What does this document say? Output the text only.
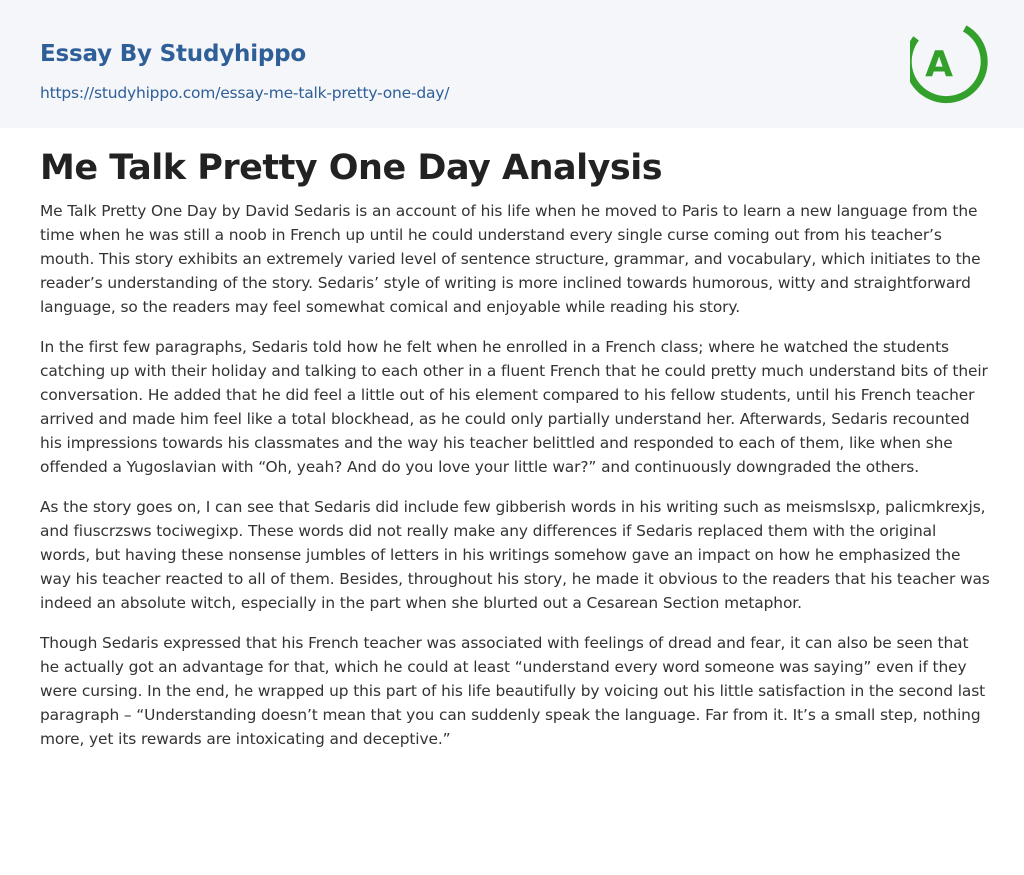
Essay By Studyhippo
https://studyhippo.com/essay-me-talk-pretty-one-day/
A
Me Talk Pretty One Day Analysis

Me Talk Pretty One Day by David Sedaris is an account of his life when he moved to Paris to learn a new language from the time when he was still a noob in French up until he could understand every single curse coming out from his teacher’s mouth. This story exhibits an extremely varied level of sentence structure, grammar, and vocabulary, which initiates to the reader’s understanding of the story. Sedaris’ style of writing is more inclined towards humorous, witty and straightforward language, so the readers may feel somewhat comical and enjoyable while reading his story.

In the first few paragraphs, Sedaris told how he felt when he enrolled in a French class; where he watched the students catching up with their holiday and talking to each other in a fluent French that he could pretty much understand bits of their conversation. He added that he did feel a little out of his element compared to his fellow students, until his French teacher arrived and made him feel like a total blockhead, as he could only partially understand her. Afterwards, Sedaris recounted his impressions towards his classmates and the way his teacher belittled and responded to each of them, like when she offended a Yugoslavian with “Oh, yeah? And do you love your little war?” and continuously downgraded the others.

As the story goes on, I can see that Sedaris did include few gibberish words in his writing such as meismslsxp, palicmkrexjs, and fiuscrzsws tociwegixp. These words did not really make any differences if Sedaris replaced them with the original words, but having these nonsense jumbles of letters in his writings somehow gave an impact on how he emphasized the way his teacher reacted to all of them. Besides, throughout his story, he made it obvious to the readers that his teacher was indeed an absolute witch, especially in the part when she blurted out a Cesarean Section metaphor.

Though Sedaris expressed that his French teacher was associated with feelings of dread and fear, it can also be seen that he actually got an advantage for that, which he could at least “understand every word someone was saying” even if they were cursing. In the end, he wrapped up this part of his life beautifully by voicing out his little satisfaction in the second last paragraph – “Understanding doesn’t mean that you can suddenly speak the language. Far from it. It’s a small step, nothing more, yet its rewards are intoxicating and deceptive.”
